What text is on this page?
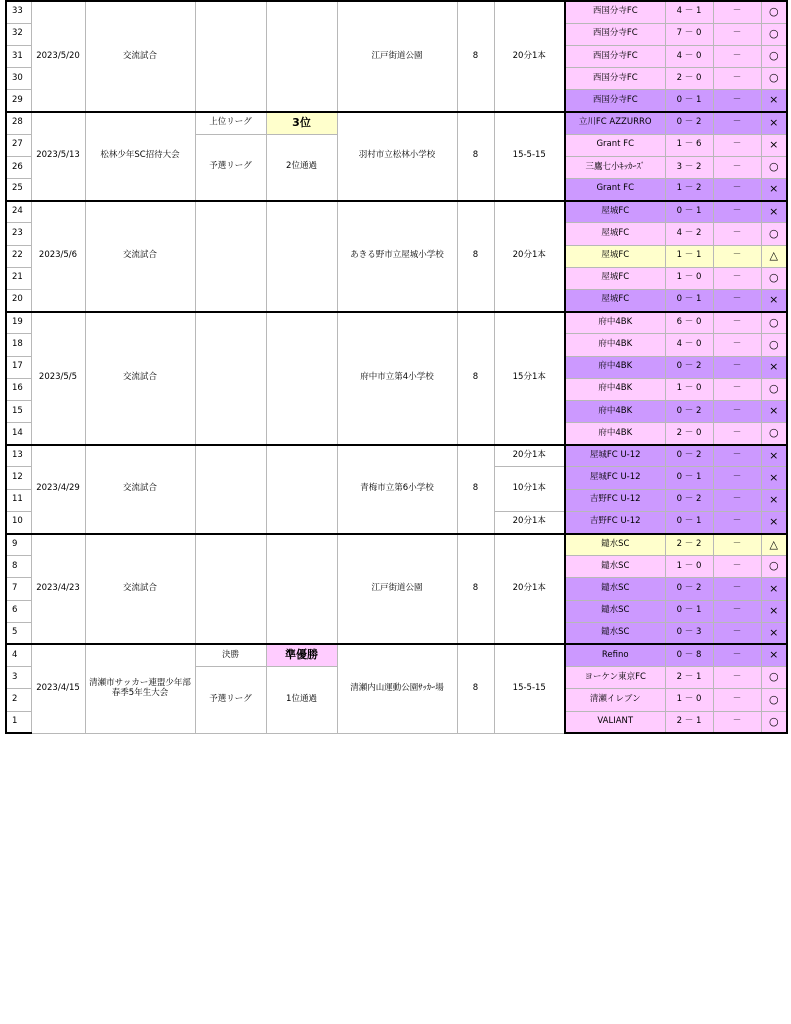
33	2023/5/20	交流試合			江戸街道公園	8	20分1本	西国分寺FC	4 － 1	－	○
32								西国分寺FC	7 － 0	－	○
31								西国分寺FC	4 － 0	－	○
30								西国分寺FC	2 － 0	－	○
29								西国分寺FC	0 － 1	－	×
28	2023/5/13	松林少年SC招待大会	上位リーグ	3位	羽村市立松林小学校	8	15-5-15	立川FC AZZURRO	0 － 2	－	×
27			予選リーグ	2位通過				Grant FC	1 － 6	－	×
26								三鷹七小ｷｯｶｰｽﾞ	3 － 2	－	○
25								Grant FC	1 － 2	－	×
24	2023/5/6	交流試合			あきる野市立屋城小学校	8	20分1本	屋城FC	0 － 1	－	×
23								屋城FC	4 － 2	－	○
22								屋城FC	1 － 1	－	△
21								屋城FC	1 － 0	－	○
20								屋城FC	0 － 1	－	×
19	2023/5/5	交流試合			府中市立第4小学校	8	15分1本	府中4BK	6 － 0	－	○
18								府中4BK	4 － 0	－	○
17								府中4BK	0 － 2	－	×
16								府中4BK	1 － 0	－	○
15								府中4BK	0 － 2	－	×
14								府中4BK	2 － 0	－	○
13	2023/4/29	交流試合			青梅市立第6小学校	8	20分1本	屋城FC U-12	0 － 2	－	×
12							10分1本	屋城FC U-12	0 － 1	－	×
11								吉野FC U-12	0 － 2	－	×
10							20分1本	吉野FC U-12	0 － 1	－	×
9	2023/4/23	交流試合			江戸街道公園	8	20分1本	鑓水SC	2 － 2	－	△
8								鑓水SC	1 － 0	－	○
7								鑓水SC	0 － 2	－	×
6								鑓水SC	0 － 1	－	×
5								鑓水SC	0 － 3	－	×
4	2023/4/15	清瀬市サッカー連盟少年部
春季5年生大会	決勝	準優勝	清瀬内山運動公園ｻｯｶｰ場	8	15-5-15	Refino	0 － 8	－	×
3			予選リーグ	1位通過				ヨーケン東京FC	2 － 1	－	○
2								清瀬イレブン	1 － 0	－	○
1								VALIANT	2 － 1	－	○
